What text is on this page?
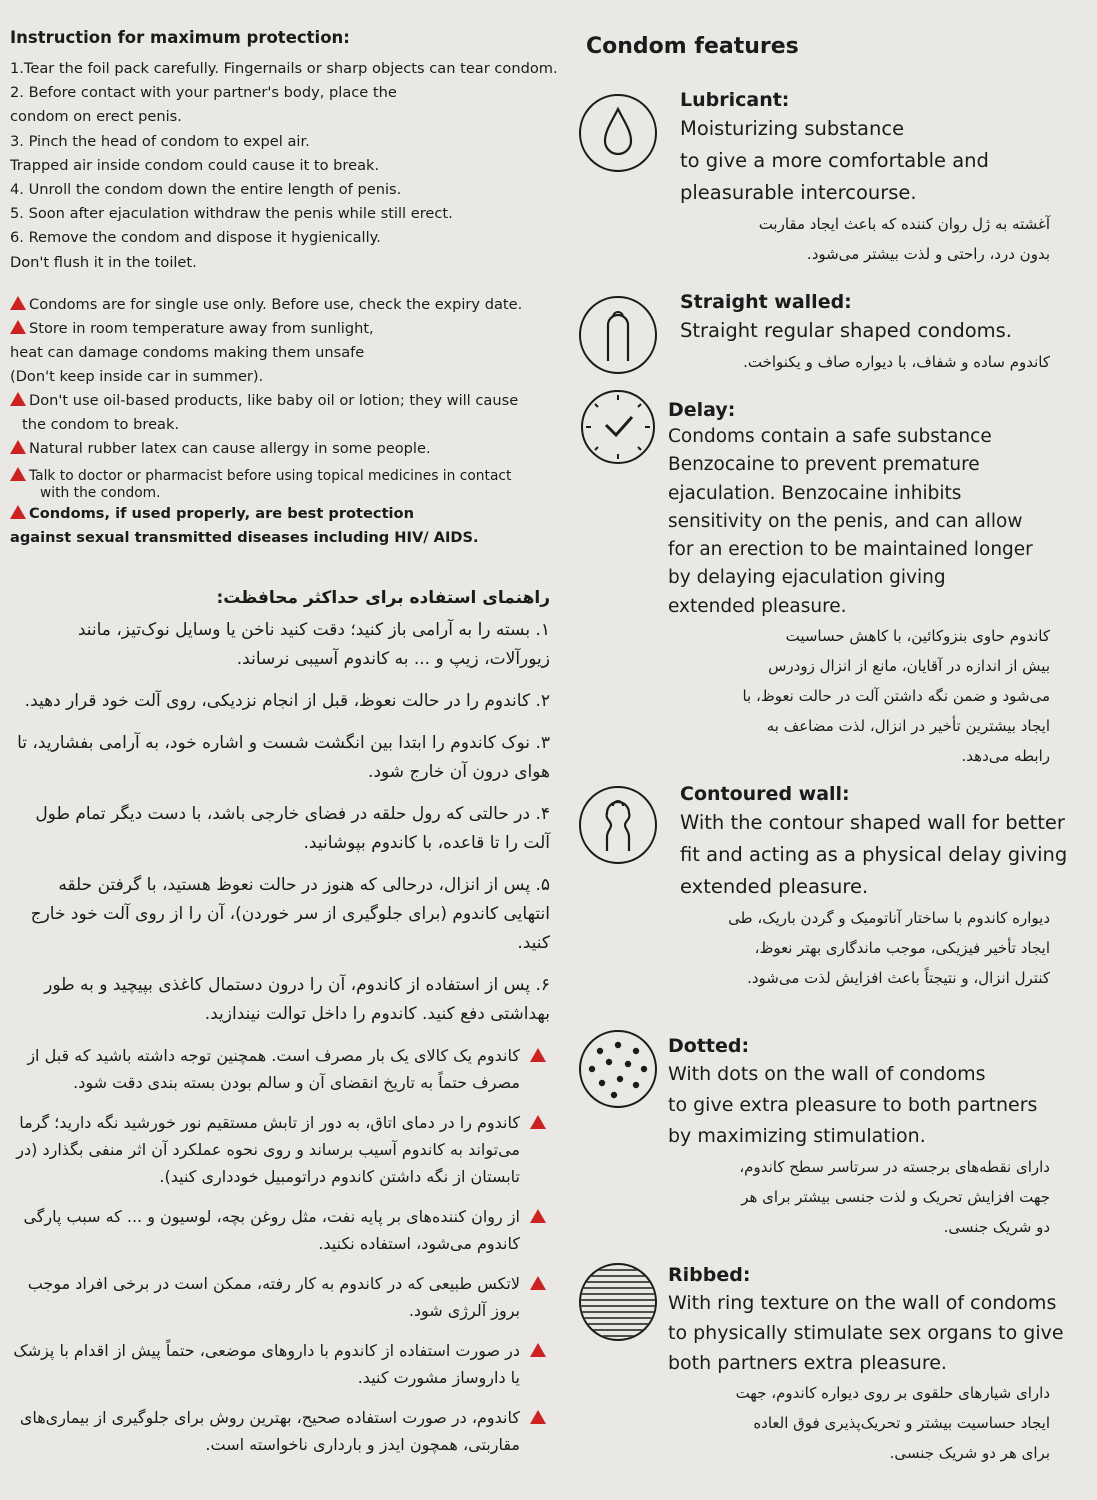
Instruction for maximum protection:
1.Tear the foil pack carefully. Fingernails or sharp objects can tear condom.
2. Before contact with your partner's body, place the
condom on erect penis.
3. Pinch the head of condom to expel air.
Trapped air inside condom could cause it to break.
4. Unroll the condom down the entire length of penis.
5. Soon after ejaculation withdraw the penis while still erect.
6. Remove the condom and dispose it hygienically.
Don't flush it in the toilet.
Condoms are for single use only. Before use, check the expiry date.
Store in room temperature away from sunlight,
heat can damage condoms making them unsafe
(Don't keep inside car in summer).
Don't use oil-based products, like baby oil or lotion; they will cause
the condom to break.
Natural rubber latex can cause allergy in some people.
Talk to doctor or pharmacist before using topical medicines in contact
with the condom.
Condoms, if used properly, are best protection
against sexual transmitted diseases including HIV/ AIDS.
راهنمای استفاده برای حداکثر محافظت:
۱. بسته را به آرامی باز کنید؛ دقت کنید ناخن یا وسایل نوک‌تیز، مانند زیورآلات، زیپ و ... به کاندوم آسیبی نرساند.
۲. کاندوم را در حالت نعوظ، قبل از انجام نزدیکی، روی آلت خود قرار دهید.
۳. نوک کاندوم را ابتدا بین انگشت شست و اشاره خود، به آرامی بفشارید، تا هوای درون آن خارج شود.
۴. در حالتی که رول حلقه در فضای خارجی باشد، با دست دیگر تمام طول آلت را تا قاعده، با کاندوم بپوشانید.
۵. پس از انزال، درحالی که هنوز در حالت نعوظ هستید، با گرفتن حلقه انتهایی کاندوم (برای جلوگیری از سر خوردن)، آن را از روی آلت خود خارج کنید.
۶. پس از استفاده از کاندوم، آن را درون دستمال کاغذی بپیچید و به طور بهداشتی دفع کنید. کاندوم را داخل توالت نیندازید.
کاندوم یک کالای یک بار مصرف است. همچنین توجه داشته باشید که قبل از مصرف حتماً به تاریخ انقضای آن و سالم بودن بسته بندی دقت شود.
کاندوم را در دمای اتاق، به دور از تابش مستقیم نور خورشید نگه دارید؛ گرما می‌تواند به کاندوم آسیب برساند و روی نحوه عملکرد آن اثر منفی بگذارد (در تابستان از نگه داشتن کاندوم دراتومبیل خودداری کنید).
از روان کننده‌های بر پایه نفت، مثل روغن بچه، لوسیون و ... که سبب پارگی کاندوم می‌شود، استفاده نکنید.
لاتکس طبیعی که در کاندوم به کار رفته، ممکن است در برخی افراد موجب بروز آلرژی شود.
در صورت استفاده از کاندوم با داروهای موضعی، حتماً پیش از اقدام با پزشک یا داروساز مشورت کنید.
کاندوم، در صورت استفاده صحیح، بهترین روش برای جلوگیری از بیماری‌های مقاربتی، همچون ایدز و بارداری ناخواسته است.
Condom features
Lubricant:
Moisturizing substance
to give a more comfortable and
pleasurable intercourse.
آغشته به ژل روان کننده که باعث ایجاد مقاربت
بدون درد، راحتی و لذت بیشتر می‌شود.
Straight walled:
Straight regular shaped condoms.
کاندوم ساده و شفاف، با دیواره صاف و یکنواخت.
Delay:
Condoms contain a safe substance
Benzocaine to prevent premature
ejaculation. Benzocaine inhibits
sensitivity on the penis, and can allow
for an erection to be maintained longer
by delaying ejaculation giving
extended pleasure.
کاندوم حاوی بنزوکائین، با کاهش حساسیت
بیش از اندازه در آقایان، مانع از انزال زودرس
می‌شود و ضمن نگه داشتن آلت در حالت نعوظ، با
ایجاد بیشترین تأخیر در انزال، لذت مضاعف به
رابطه می‌دهد.
Contoured wall:
With the contour shaped wall for better
fit and acting as a physical delay giving
extended pleasure.
دیواره کاندوم با ساختار آناتومیک و گردن باریک، طی
ایجاد تأخیر فیزیکی، موجب ماندگاری بهتر نعوظ،
کنترل انزال، و نتیجتاً باعث افزایش لذت می‌شود.
Dotted:
With dots on the wall of condoms
to give extra pleasure to both partners
by maximizing stimulation.
دارای نقطه‌های برجسته در سرتاسر سطح کاندوم،
جهت افزایش تحریک و لذت جنسی بیشتر برای هر
دو شریک جنسی.
Ribbed:
With ring texture on the wall of condoms
to physically stimulate sex organs to give
both partners extra pleasure.
دارای شیارهای حلقوی بر روی دیواره کاندوم، جهت
ایجاد حساسیت بیشتر و تحریک‌پذیری فوق العاده
برای هر دو شریک جنسی.
